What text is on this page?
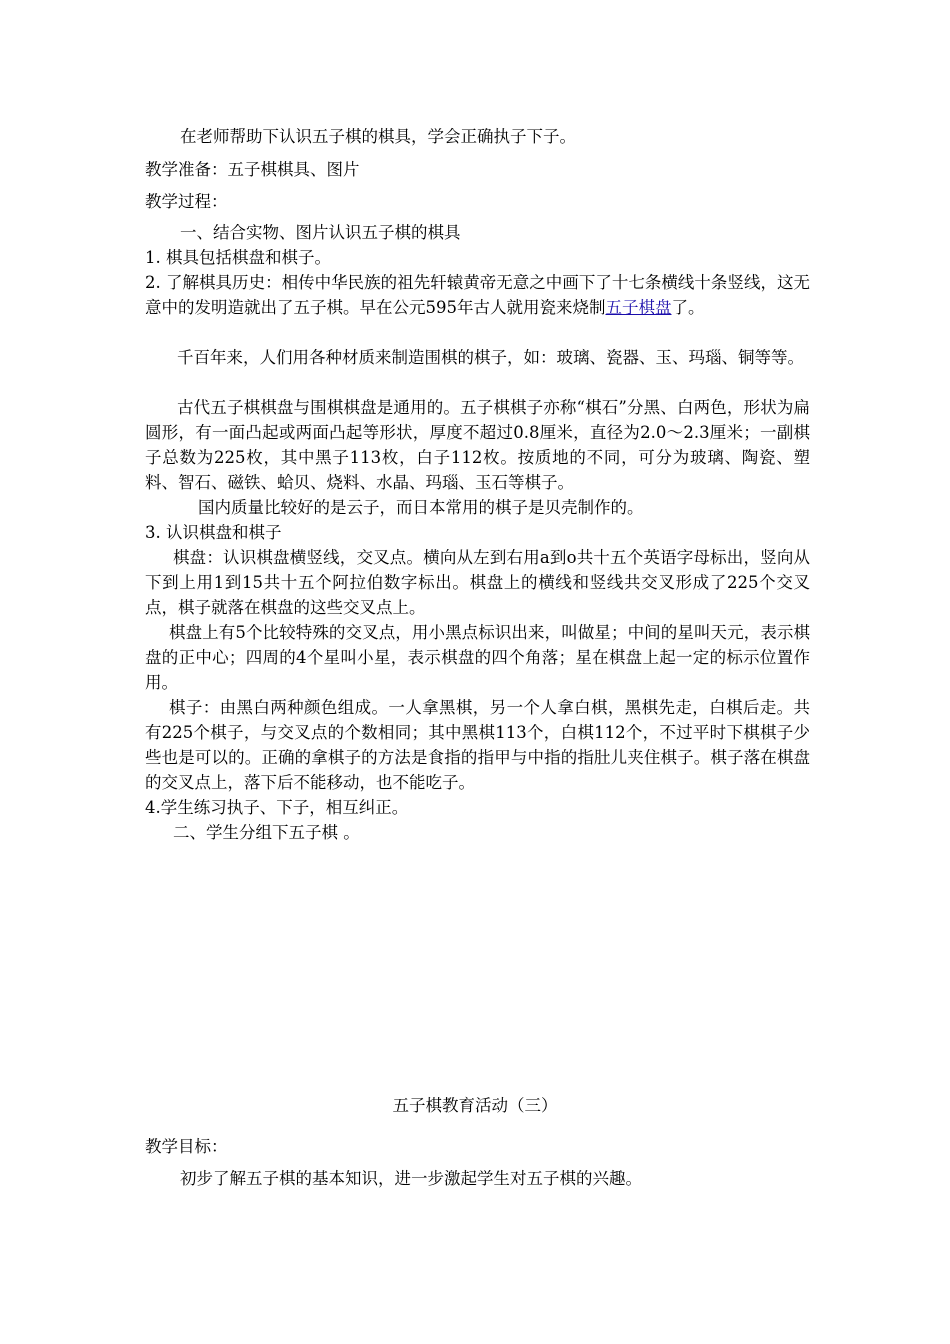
在老师帮助下认识五子棋的棋具，学会正确执子下子。

教学准备：五子棋棋具、图片

教学过程：

一、结合实物、图片认识五子棋的棋具

1. 棋具包括棋盘和棋子。

2. 了解棋具历史：相传中华民族的祖先轩辕黄帝无意之中画下了十七条横线十条竖线，这无意中的发明造就出了五子棋。早在公元595年古人就用瓷来烧制五子棋盘了。

千百年来，人们用各种材质来制造围棋的棋子，如：玻璃、瓷器、玉、玛瑙、铜等等。

古代五子棋棋盘与围棋棋盘是通用的。五子棋棋子亦称“棋石”分黑、白两色，形状为扁圆形，有一面凸起或两面凸起等形状，厚度不超过0.8厘米，直径为2.0～2.3厘米；一副棋子总数为225枚，其中黑子113枚，白子112枚。按质地的不同，可分为玻璃、陶瓷、塑料、智石、磁铁、蛤贝、烧料、水晶、玛瑙、玉石等棋子。

国内质量比较好的是云子，而日本常用的棋子是贝壳制作的。

3. 认识棋盘和棋子

棋盘：认识棋盘横竖线，交叉点。横向从左到右用a到o共十五个英语字母标出，竖向从下到上用1到15共十五个阿拉伯数字标出。棋盘上的横线和竖线共交叉形成了225个交叉点，棋子就落在棋盘的这些交叉点上。

棋盘上有5个比较特殊的交叉点，用小黑点标识出来，叫做星；中间的星叫天元，表示棋盘的正中心；四周的4个星叫小星，表示棋盘的四个角落；星在棋盘上起一定的标示位置作用。

棋子：由黑白两种颜色组成。一人拿黑棋，另一个人拿白棋，黑棋先走，白棋后走。共有225个棋子，与交叉点的个数相同；其中黑棋113个，白棋112个，不过平时下棋棋子少些也是可以的。正确的拿棋子的方法是食指的指甲与中指的指肚儿夹住棋子。棋子落在棋盘的交叉点上，落下后不能移动，也不能吃子。

4.学生练习执子、下子，相互纠正。

二、学生分组下五子棋 。

五子棋教育活动（三）

教学目标：

初步了解五子棋的基本知识，进一步激起学生对五子棋的兴趣。
